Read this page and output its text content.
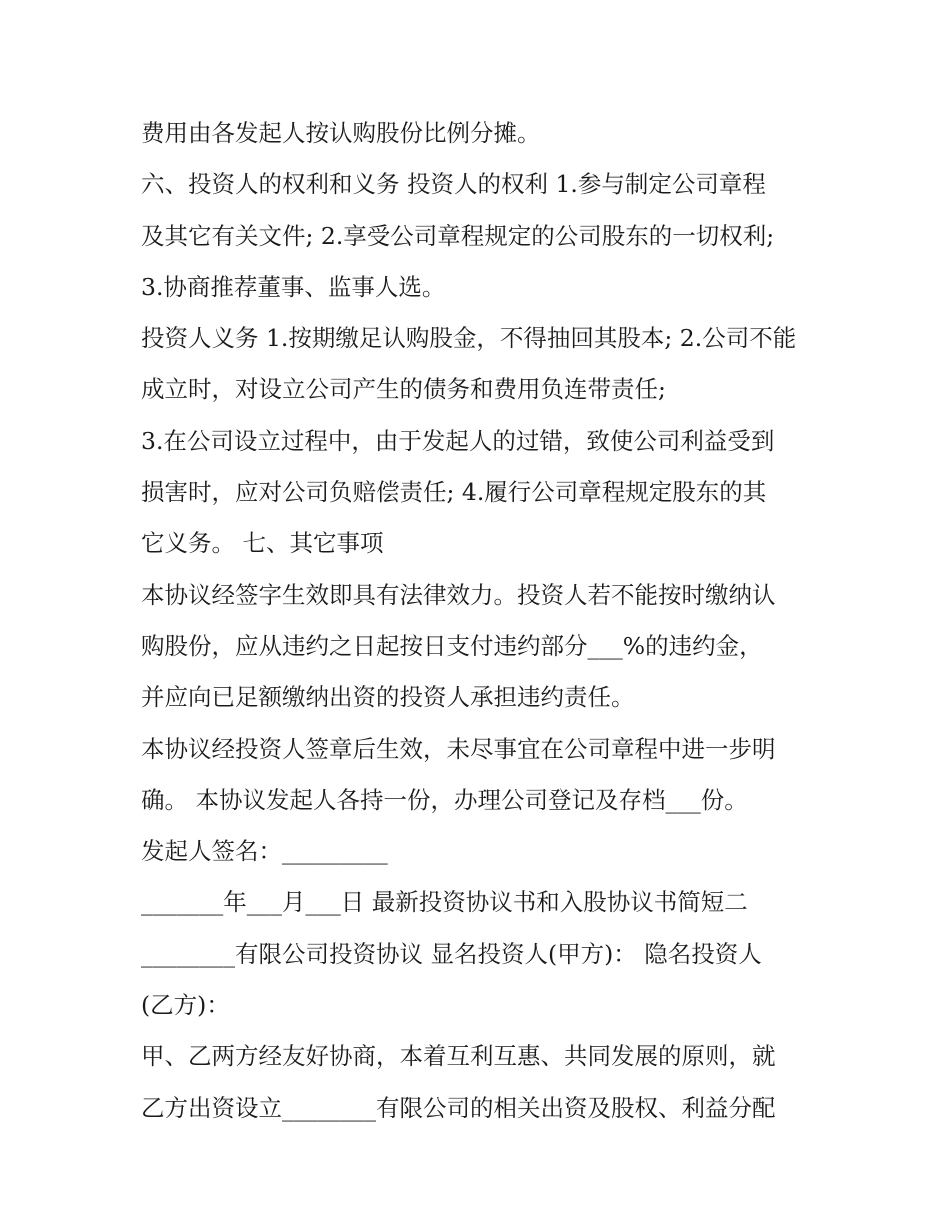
费用由各发起人按认购股份比例分摊。
六、投资人的权利和义务 投资人的权利 1.参与制定公司章程
及其它有关文件; 2.享受公司章程规定的公司股东的一切权利;
3.协商推荐董事、监事人选。
投资人义务 1.按期缴足认购股金，不得抽回其股本; 2.公司不能
成立时，对设立公司产生的债务和费用负连带责任;
3.在公司设立过程中，由于发起人的过错，致使公司利益受到
损害时，应对公司负赔偿责任; 4.履行公司章程规定股东的其
它义务。 七、其它事项
本协议经签字生效即具有法律效力。投资人若不能按时缴纳认
购股份，应从违约之日起按日支付违约部分___%的违约金，
并应向已足额缴纳出资的投资人承担违约责任。
本协议经投资人签章后生效，未尽事宜在公司章程中进一步明
确。 本协议发起人各持一份，办理公司登记及存档___份。
发起人签名：_________
_______年___月___日 最新投资协议书和入股协议书简短二
________有限公司投资协议 显名投资人(甲方)： 隐名投资人
(乙方)：
甲、乙两方经友好协商，本着互利互惠、共同发展的原则，就
乙方出资设立________有限公司的相关出资及股权、利益分配
